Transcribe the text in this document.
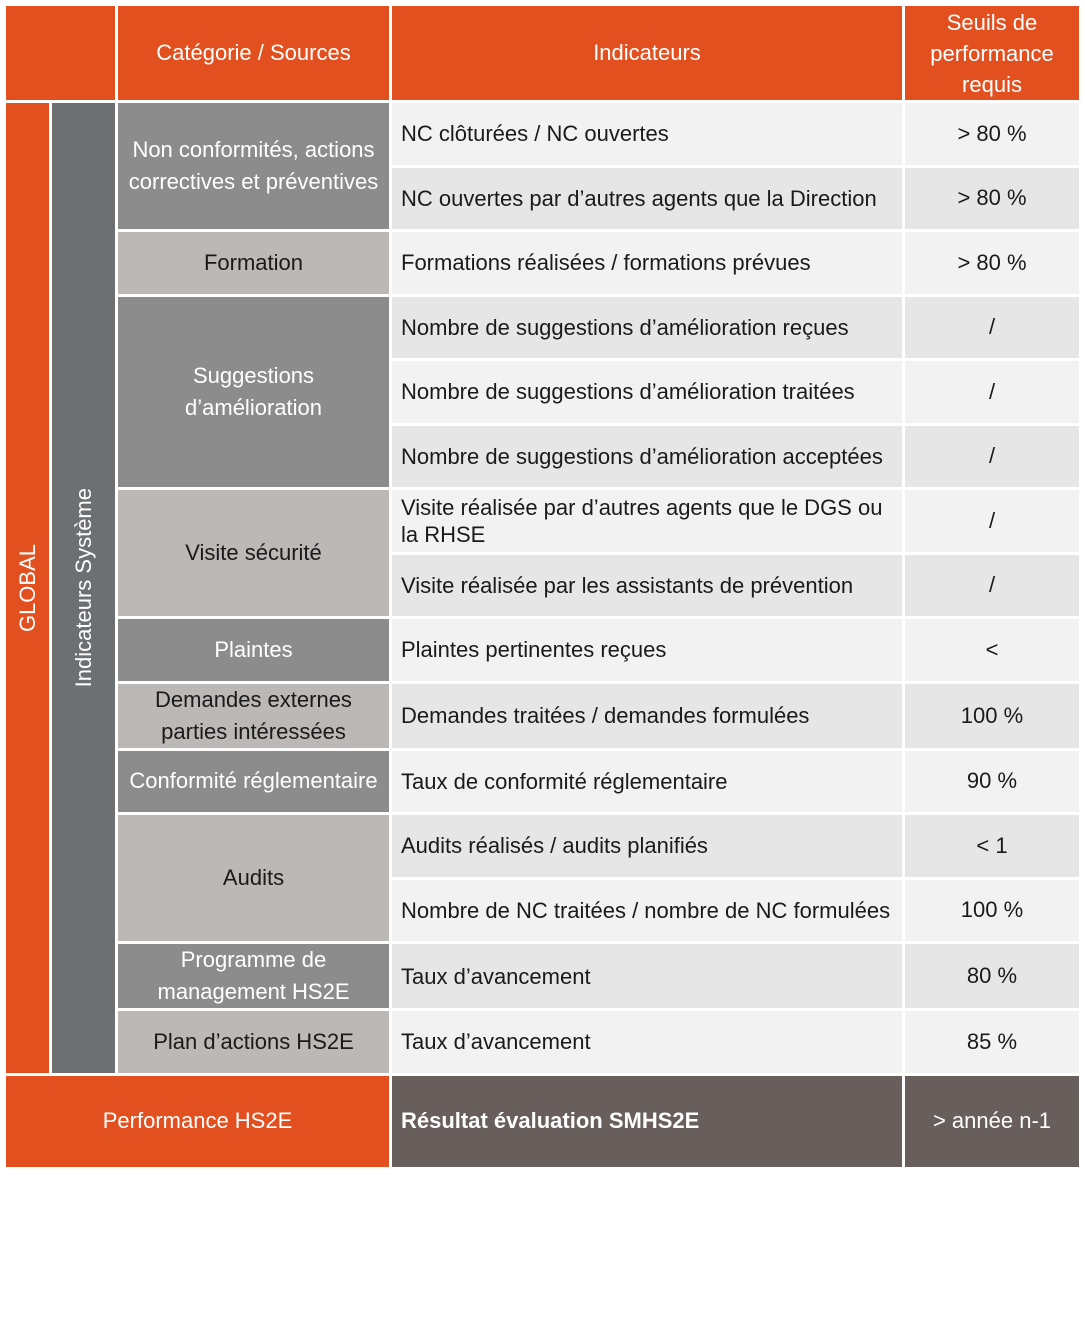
		Catégorie / Sources	Indicateurs	Seuils de performance requis

GLOBAL	Indicateurs Système	Non conformités, actions correctives et préventives	NC clôturées / NC ouvertes	> 80 %
			NC ouvertes par d’autres agents que la Direction	> 80 %
		Formation	Formations réalisées / formations prévues	> 80 %
		Suggestions d’amélioration	Nombre de suggestions d’amélioration reçues	/
			Nombre de suggestions d’amélioration traitées	/
			Nombre de suggestions d’amélioration acceptées	/
		Visite sécurité	Visite réalisée par d’autres agents que le DGS ou la RHSE	/
			Visite réalisée par les assistants de prévention	/
		Plaintes	Plaintes pertinentes reçues	<
		Demandes externes parties intéressées	Demandes traitées / demandes formulées	100 %
		Conformité réglementaire	Taux de conformité réglementaire	90 %
		Audits	Audits réalisés / audits planifiés	< 1
			Nombre de NC traitées / nombre de NC formulées	100 %
		Programme de management HS2E	Taux d’avancement	80 %
		Plan d’actions HS2E	Taux d’avancement	85 %
Performance HS2E			Résultat évaluation SMHS2E	> année n-1
